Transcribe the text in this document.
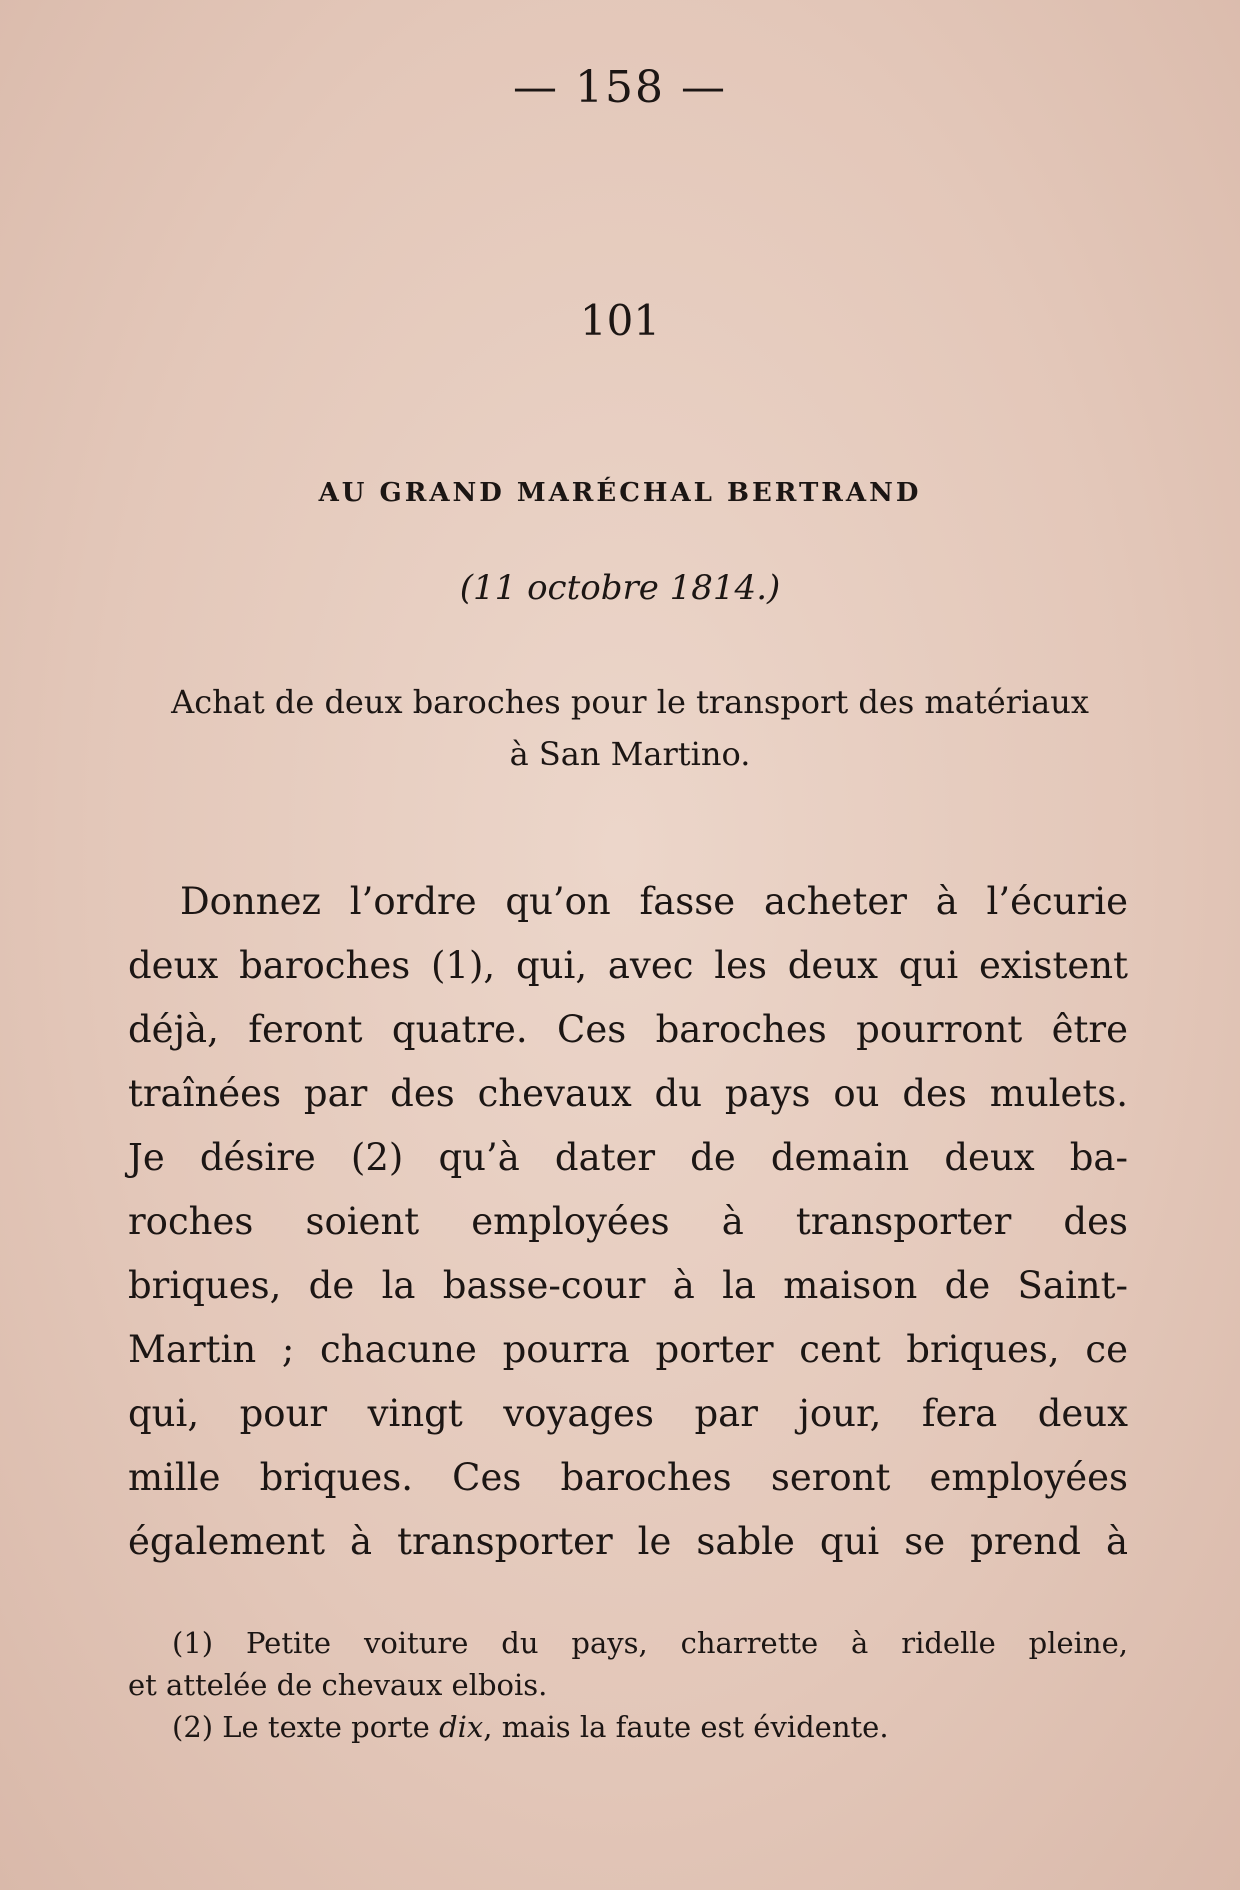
— 158 —
101
AU GRAND MARÉCHAL BERTRAND
(11 octobre 1814.)
Achat de deux baroches pour le transport des matériaux
à San Martino.
Donnez l’ordre qu’on fasse acheter à l’écurie
deux baroches (1), qui, avec les deux qui existent
déjà, feront quatre. Ces baroches pourront être
traînées par des chevaux du pays ou des mulets.
Je désire (2) qu’à dater de demain deux ba-
roches soient employées à transporter des
briques, de la basse-cour à la maison de Saint-
Martin ; chacune pourra porter cent briques, ce
qui, pour vingt voyages par jour, fera deux
mille briques. Ces baroches seront employées
également à transporter le sable qui se prend à
(1) Petite voiture du pays, charrette à ridelle pleine,
et attelée de chevaux elbois.
(2) Le texte porte dix, mais la faute est évidente.
